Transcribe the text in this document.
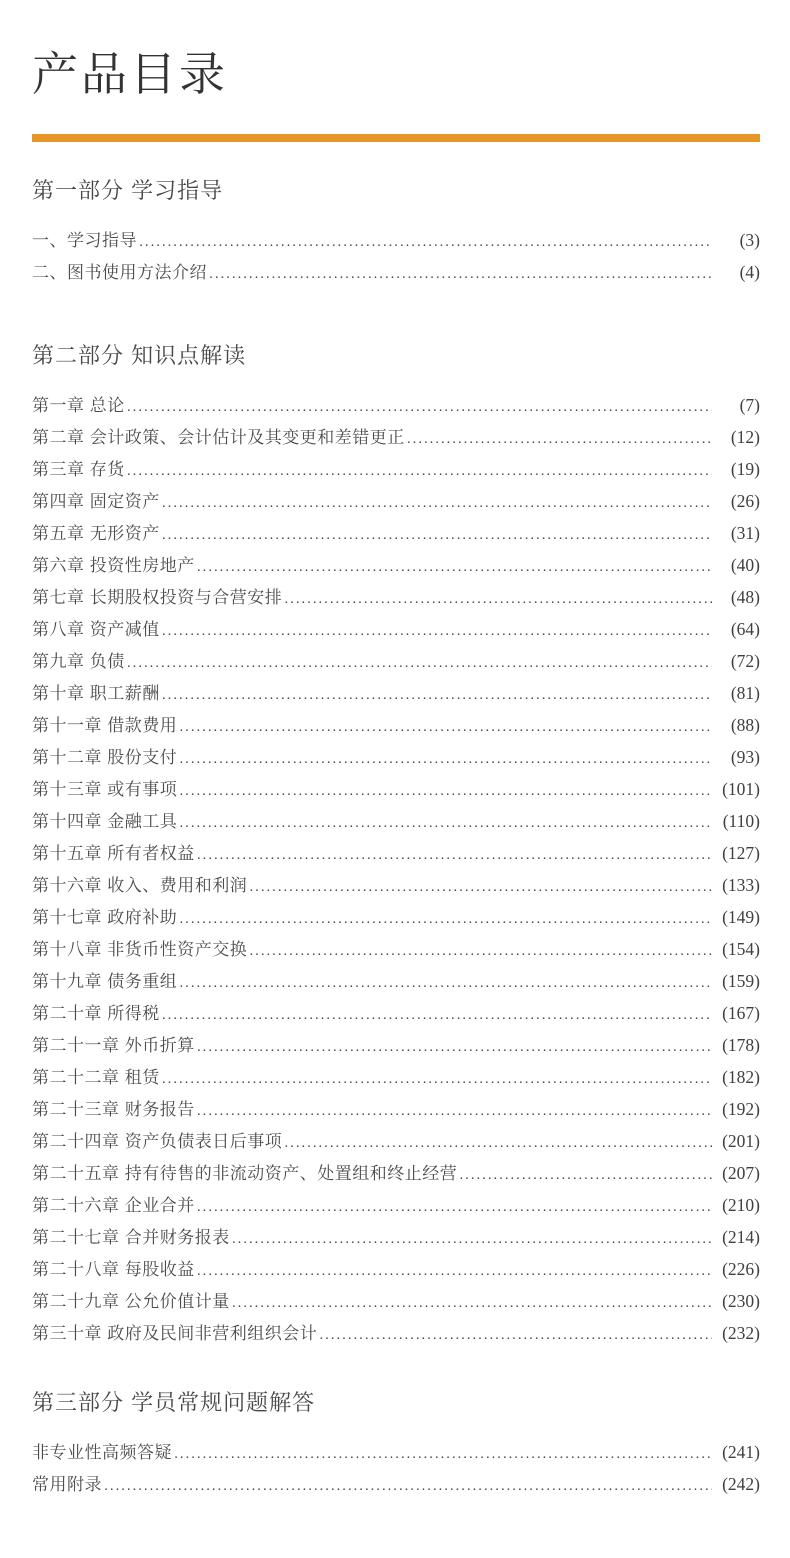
产品目录
第一部分 学习指导
一、学习指导 .....	(3)
二、图书使用方法介绍 .....	(4)
第二部分 知识点解读
第一章 总论 .....	(7)
第二章 会计政策、会计估计及其变更和差错更正 .....	(12)
第三章 存货 .....	(19)
第四章 固定资产 .....	(26)
第五章 无形资产 .....	(31)
第六章 投资性房地产 .....	(40)
第七章 长期股权投资与合营安排 .....	(48)
第八章 资产减值 .....	(64)
第九章 负债 .....	(72)
第十章 职工薪酬 .....	(81)
第十一章 借款费用 .....	(88)
第十二章 股份支付 .....	(93)
第十三章 或有事项 .....	(101)
第十四章 金融工具 .....	(110)
第十五章 所有者权益 .....	(127)
第十六章 收入、费用和利润 .....	(133)
第十七章 政府补助 .....	(149)
第十八章 非货币性资产交换 .....	(154)
第十九章 债务重组 .....	(159)
第二十章 所得税 .....	(167)
第二十一章 外币折算 .....	(178)
第二十二章 租赁 .....	(182)
第二十三章 财务报告 .....	(192)
第二十四章 资产负债表日后事项 .....	(201)
第二十五章 持有待售的非流动资产、处置组和终止经营 .....	(207)
第二十六章 企业合并 .....	(210)
第二十七章 合并财务报表 .....	(214)
第二十八章 每股收益 .....	(226)
第二十九章 公允价值计量 .....	(230)
第三十章 政府及民间非营利组织会计 .....	(232)
第三部分 学员常规问题解答
非专业性高频答疑 .....	(241)
常用附录 .....	(242)
